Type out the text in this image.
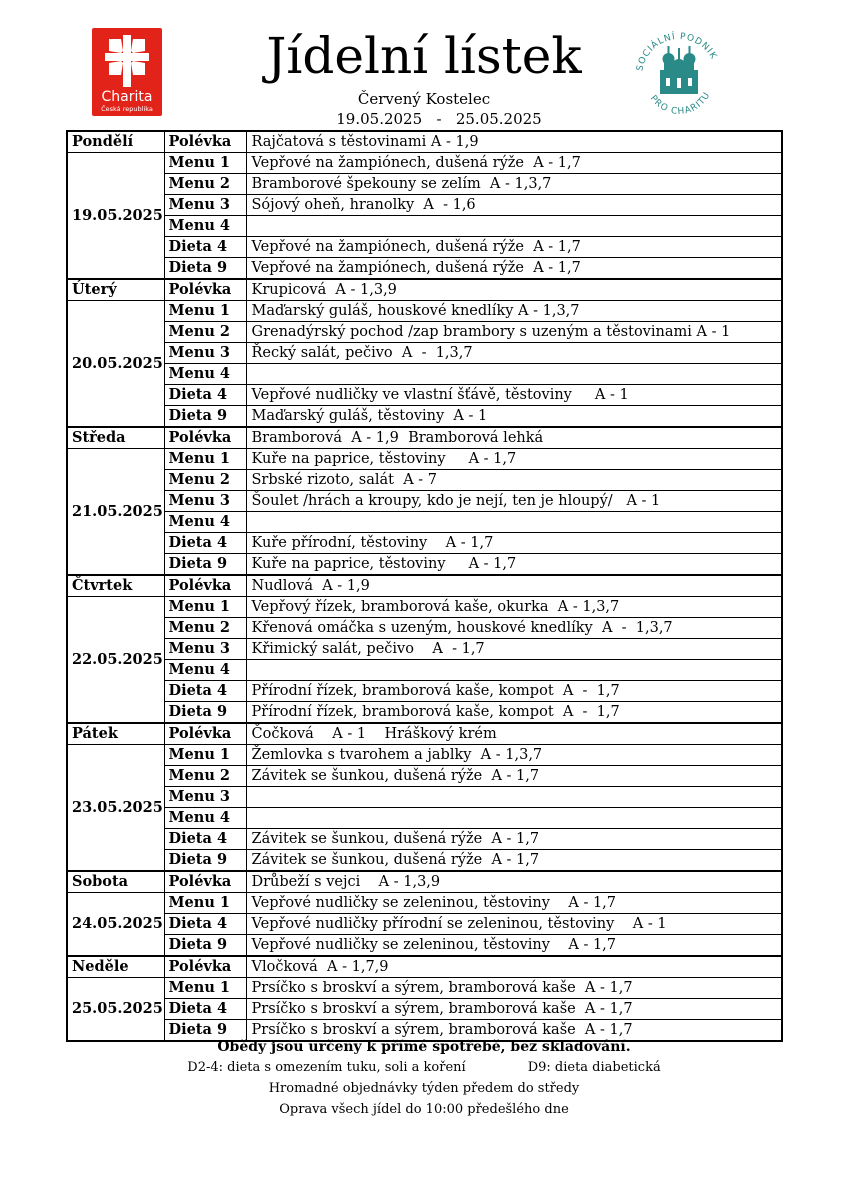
Charita
Česká republika
Jídelní lístek	SOCIÁLNÍ PODNIK
PRO CHARITU
Červený Kostelec
19.05.2025 - 25.05.2025
Pondělí	Polévka	Rajčatová s těstovinami A - 1,9
19.05.2025	Menu 1	Vepřové na žampiónech, dušená rýže  A - 1,7
	Menu 2	Bramborové špekouny se zelím  A - 1,3,7
	Menu 3	Sójový oheň, hranolky  A  - 1,6
	Menu 4	
	Dieta 4	Vepřové na žampiónech, dušená rýže  A - 1,7
	Dieta 9	Vepřové na žampiónech, dušená rýže  A - 1,7
Úterý	Polévka	Krupicová  A - 1,3,9
20.05.2025	Menu 1	Maďarský guláš, houskové knedlíky A - 1,3,7
	Menu 2	Grenadýrský pochod /zap brambory s uzeným a těstovinami A - 1
	Menu 3	Řecký salát, pečivo  A  -  1,3,7
	Menu 4	
	Dieta 4	Vepřové nudličky ve vlastní šťávě, těstoviny     A - 1
	Dieta 9	Maďarský guláš, těstoviny  A - 1
Středa	Polévka	Bramborová  A - 1,9  Bramborová lehká
21.05.2025	Menu 1	Kuře na paprice, těstoviny     A - 1,7
	Menu 2	Srbské rizoto, salát  A - 7
	Menu 3	Šoulet /hrách a kroupy, kdo je nejí, ten je hloupý/   A - 1
	Menu 4	
	Dieta 4	Kuře přírodní, těstoviny    A - 1,7
	Dieta 9	Kuře na paprice, těstoviny     A - 1,7
Čtvrtek	Polévka	Nudlová  A - 1,9
22.05.2025	Menu 1	Vepřový řízek, bramborová kaše, okurka  A - 1,3,7
	Menu 2	Křenová omáčka s uzeným, houskové knedlíky  A  -  1,3,7
	Menu 3	Křimický salát, pečivo    A  - 1,7
	Menu 4	
	Dieta 4	Přírodní řízek, bramborová kaše, kompot  A  -  1,7
	Dieta 9	Přírodní řízek, bramborová kaše, kompot  A  -  1,7
Pátek	Polévka	Čočková    A - 1    Hráškový krém
23.05.2025	Menu 1	Žemlovka s tvarohem a jablky  A - 1,3,7
	Menu 2	Závitek se šunkou, dušená rýže  A - 1,7
	Menu 3	
	Menu 4	
	Dieta 4	Závitek se šunkou, dušená rýže  A - 1,7
	Dieta 9	Závitek se šunkou, dušená rýže  A - 1,7
Sobota	Polévka	Drůbeží s vejci    A - 1,3,9
24.05.2025	Menu 1	Vepřové nudličky se zeleninou, těstoviny    A - 1,7
	Dieta 4	Vepřové nudličky přírodní se zeleninou, těstoviny    A - 1
	Dieta 9	Vepřové nudličky se zeleninou, těstoviny    A - 1,7
Neděle	Polévka	Vločková  A - 1,7,9
25.05.2025	Menu 1	Prsíčko s broskví a sýrem, bramborová kaše  A - 1,7
	Dieta 4	Prsíčko s broskví a sýrem, bramborová kaše  A - 1,7
	Dieta 9	Prsíčko s broskví a sýrem, bramborová kaše  A - 1,7
Obědy jsou určeny k přímé spotřebě, bez skladování.
D2-4: dieta s omezením tuku, soli a koření	D9: dieta diabetická
Hromadné objednávky týden předem do středy
Oprava všech jídel do 10:00 předešlého dne
